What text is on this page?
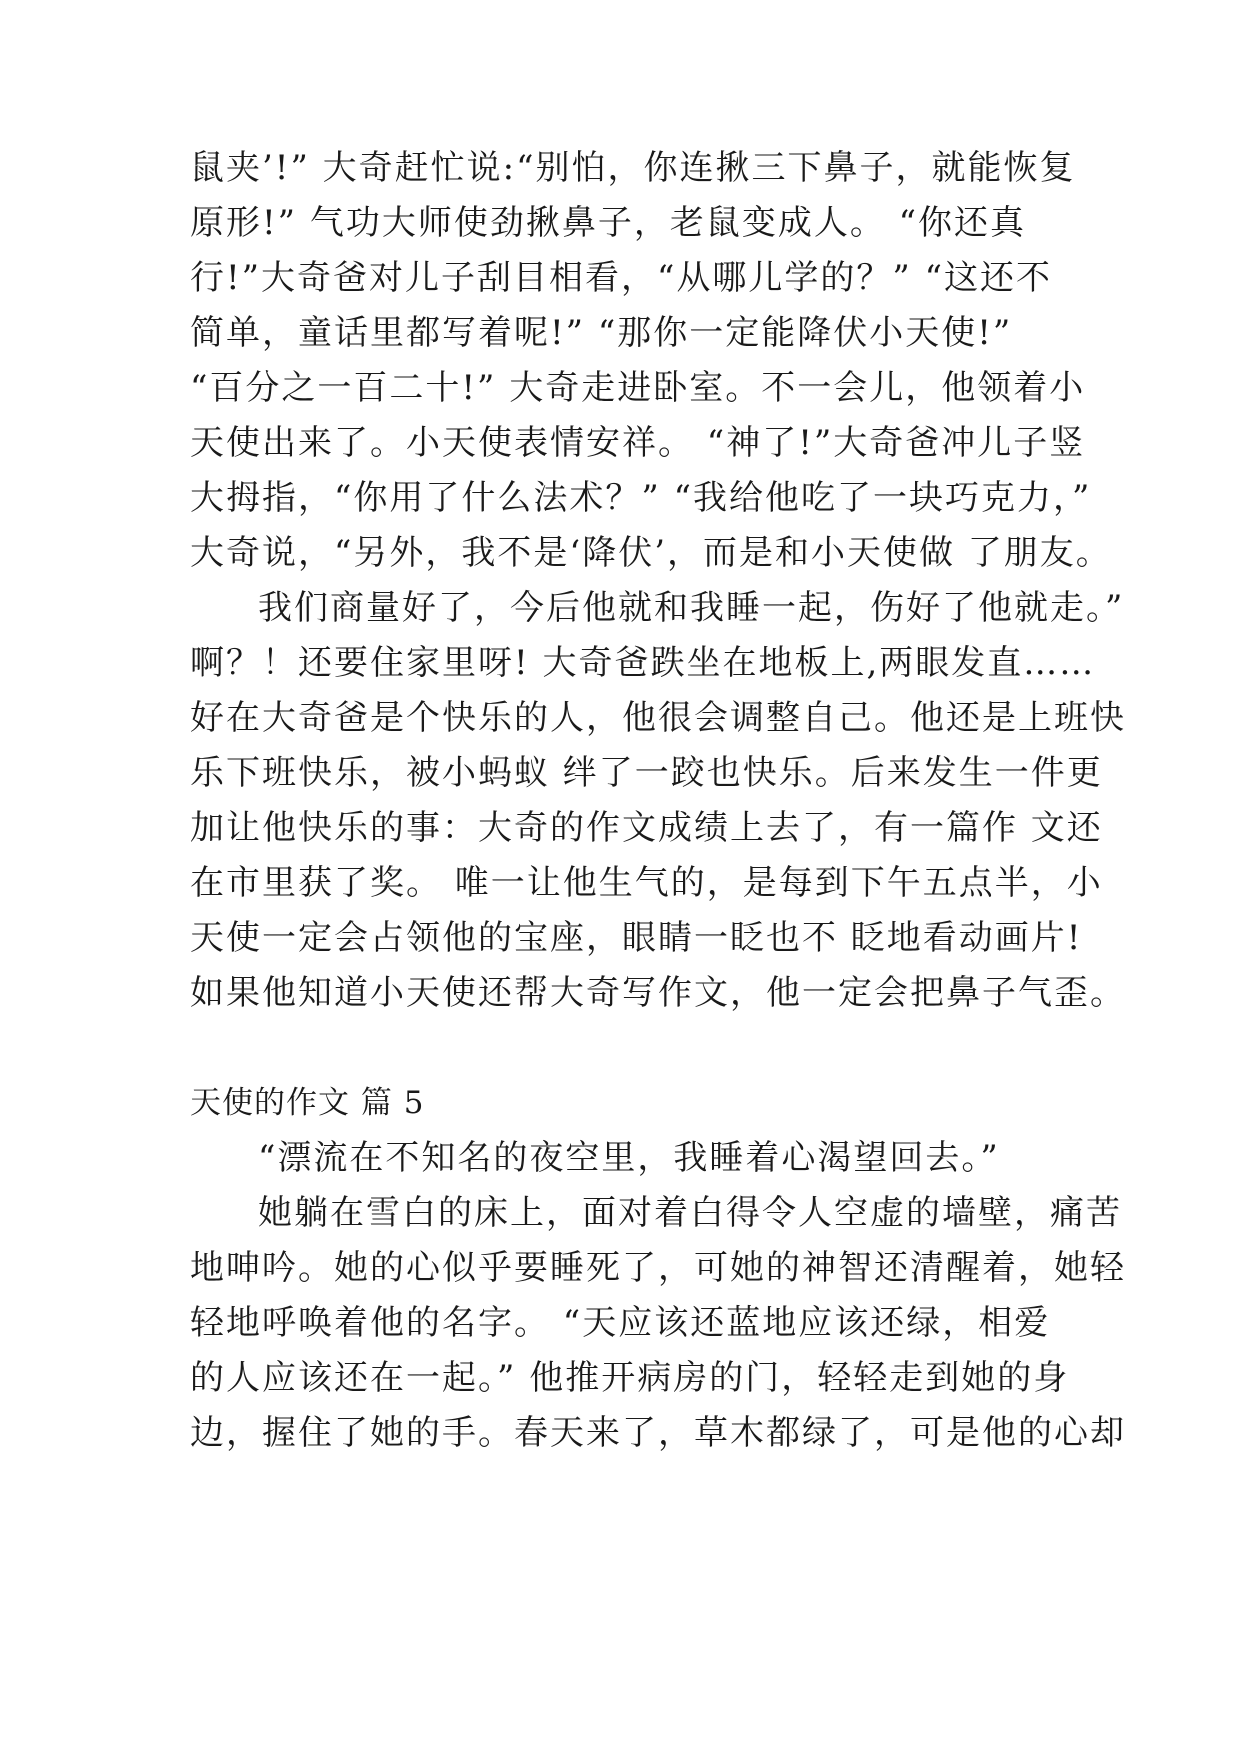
鼠夹’!” 大奇赶忙说:“别怕，你连揪三下鼻子，就能恢复
原形!” 气功大师使劲揪鼻子，老鼠变成人。 “你还真
行!”大奇爸对儿子刮目相看，“从哪儿学的？” “这还不
简单，童话里都写着呢!” “那你一定能降伏小天使!”
“百分之一百二十!” 大奇走进卧室。不一会儿，他领着小
天使出来了。小天使表情安祥。 “神了!”大奇爸冲儿子竖
大拇指，“你用了什么法术？” “我给他吃了一块巧克力，”
大奇说，“另外，我不是‘降伏’，而是和小天使做 了朋友。
我们商量好了，今后他就和我睡一起，伤好了他就走。”
啊？！还要住家里呀! 大奇爸跌坐在地板上,两眼发直……
好在大奇爸是个快乐的人，他很会调整自己。他还是上班快
乐下班快乐，被小蚂蚁 绊了一跤也快乐。后来发生一件更
加让他快乐的事：大奇的作文成绩上去了，有一篇作 文还
在市里获了奖。 唯一让他生气的，是每到下午五点半，小
天使一定会占领他的宝座，眼睛一眨也不 眨地看动画片!
如果他知道小天使还帮大奇写作文，他一定会把鼻子气歪。
天使的作文 篇 5
“漂流在不知名的夜空里，我睡着心渴望回去。”
她躺在雪白的床上，面对着白得令人空虚的墙壁，痛苦
地呻吟。她的心似乎要睡死了，可她的神智还清醒着，她轻
轻地呼唤着他的名字。 “天应该还蓝地应该还绿，相爱
的人应该还在一起。” 他推开病房的门，轻轻走到她的身
边，握住了她的手。春天来了，草木都绿了，可是他的心却
